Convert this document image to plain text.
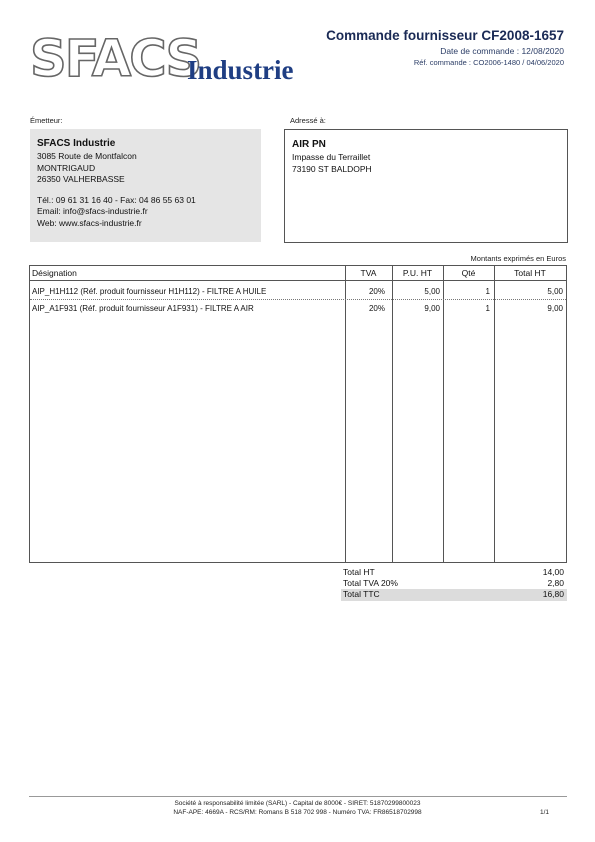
SFACS
Industrie
Commande fournisseur CF2008-1657
Date de commande : 12/08/2020
Réf. commande : CO2006-1480 / 04/06/2020
Émetteur:	Adressé à:
SFACS Industrie
3085 Route de Montfalcon
MONTRIGAUD
26350 VALHERBASSE
Tél.: 09 61 31 16 40 - Fax: 04 86 55 63 01
Email: info@sfacs-industrie.fr
Web: www.sfacs-industrie.fr
AIR PN
Impasse du Terraillet
73190 ST BALDOPH
Montants exprimés en Euros
Désignation	TVA	P.U. HT	Qté	Total HT
AIP_H1H112 (Réf. produit fournisseur H1H112) - FILTRE A HUILE	20%	5,00	1	5,00
AIP_A1F931 (Réf. produit fournisseur A1F931) - FILTRE A AIR	20%	9,00	1	9,00
Total HT	14,00
Total TVA 20%	2,80
Total TTC	16,80
Société à responsabilité limitée (SARL) - Capital de 8000€ - SIRET: 51870299800023
NAF-APE: 4669A - RCS/RM: Romans B 518 702 998 - Numéro TVA: FR86518702998	1/1
